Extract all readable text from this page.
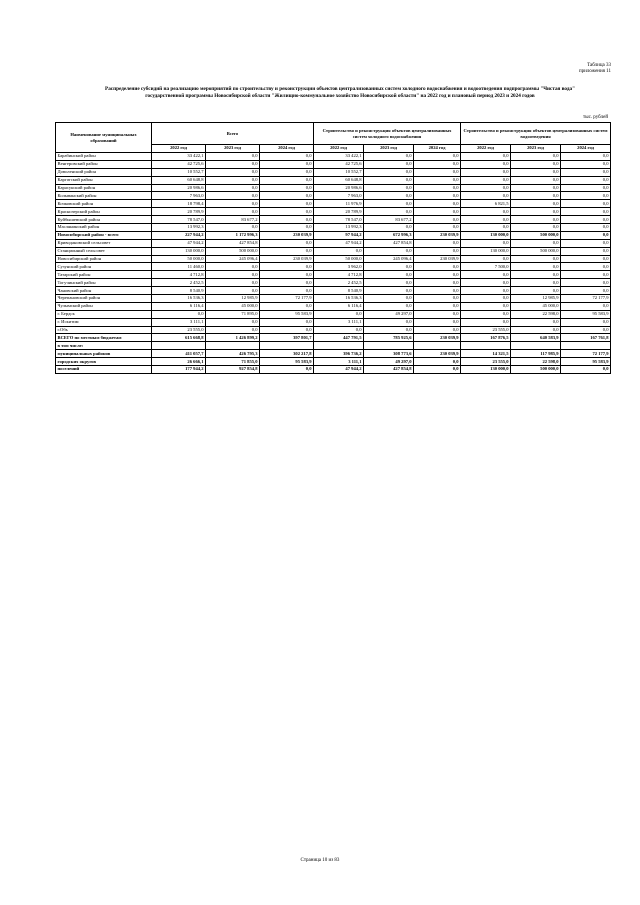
Таблица 33
приложения 11
Распределение субсидий на реализацию мероприятий по строительству и реконструкции объектов централизованных систем холодного водоснабжения и водоотведения подпрограммы "Чистая вода"
государственной программы Новосибирской области "Жилищно-коммунальное хозяйство Новосибирской области" на 2022 год и плановый период 2023 и 2024 годов
тыс. рублей
Наименование муниципальных образований	Всего			Строительство и реконструкция объектов централизованных систем холодного водоснабжения			Строительство и реконструкция объектов централизованных систем водоотведения		
	2022 год	2023 год	2024 год	2022 год	2023 год	2024 год	2022 год	2023 год	2024 год
Барабинский район	33 422,1	0,0	0,0	33 422,1	0,0	0,0	0,0	0,0	0,0
Венгеровский район	42 725,6	0,0	0,0	42 725,6	0,0	0,0	0,0	0,0	0,0
Доволенский район	10 552,7	0,0	0,0	10 552,7	0,0	0,0	0,0	0,0	0,0
Каргатский район	60 648,8	0,0	0,0	60 648,8	0,0	0,0	0,0	0,0	0,0
Карасукский район	20 986,6	0,0	0,0	20 986,6	0,0	0,0	0,0	0,0	0,0
Колыванский район	7 963,0	0,0	0,0	7 963,0	0,0	0,0	0,0	0,0	0,0
Кочковский район	18 798,4	0,0	0,0	11 976,9	0,0	0,0	6 821,5	0,0	0,0
Краснозерский район	20 789,9	0,0	0,0	20 789,9	0,0	0,0	0,0	0,0	0,0
Куйбышевский район	78 547,0	83 677,2	0,0	78 547,0	83 677,2	0,0	0,0	0,0	0,0
Маслянинский район	13 992,3	0,0	0,0	13 992,3	0,0	0,0	0,0	0,0	0,0
Новосибирский район - всего	227 944,2	1 172 996,3	230 039,9	97 944,2	672 996,3	230 039,9	130 000,0	500 000,0	0,0
Криводановский сельсовет	47 944,2	427 854,8	0,0	47 944,2	427 854,8	0,0	0,0	0,0	0,0
Станционный сельсовет	130 000,0	500 000,0	0,0	0,0	0,0	0,0	130 000,0	500 000,0	0,0
Новосибирский район	50 000,0	245 096,4	230 039,9	50 000,0	245 096,4	230 039,9	0,0	0,0	0,0
Сузунский район	11 460,0	0,0	0,0	3 962,0	0,0	0,0	7 500,0	0,0	0,0
Татарский район	4 712,8	0,0	0,0	4 712,8	0,0	0,0	0,0	0,0	0,0
Тогучинский район	2 452,5	0,0	0,0	2 452,5	0,0	0,0	0,0	0,0	0,0
Чановский район	8 540,9	0,0	0,0	8 540,9	0,0	0,0	0,0	0,0	0,0
Черепановский район	16 536,3	12 985,9	72 177,9	16 536,3	0,0	0,0	0,0	12 985,9	72 177,9
Чулымский район	6 116,4	45 000,0	0,0	6 116,4	0,0	0,0	0,0	45 000,0	0,0
г. Бердск	0,0	71 895,0	95 583,9	0,0	49 297,0	0,0	0,0	22 598,0	95 583,9
г. Искитим	3 111,1	0,0	0,0	3 111,1	0,0	0,0	0,0	0,0	0,0
г.Обь	23 555,0	0,0	0,0	0,0	0,0	0,0	23 555,0	0,0	0,0
ВСЕГО по местным бюджетам	615 668,8	1 426 899,2	397 801,7	447 791,5	785 925,6	230 039,9	167 876,5	640 583,9	167 761,8
в том числе:									
муниципальных районов	411 057,7	426 795,3	302 217,8	396 736,2	308 773,6	230 039,9	14 321,5	117 985,9	72 177,9
городских округов	26 666,1	71 855,0	95 583,9	3 111,1	49 297,0	0,0	23 555,0	22 598,0	95 583,9
поселений	177 944,2	927 854,8	0,0	47 944,2	427 854,8	0,0	130 000,0	500 000,0	0,0
Страница 10 из 83
